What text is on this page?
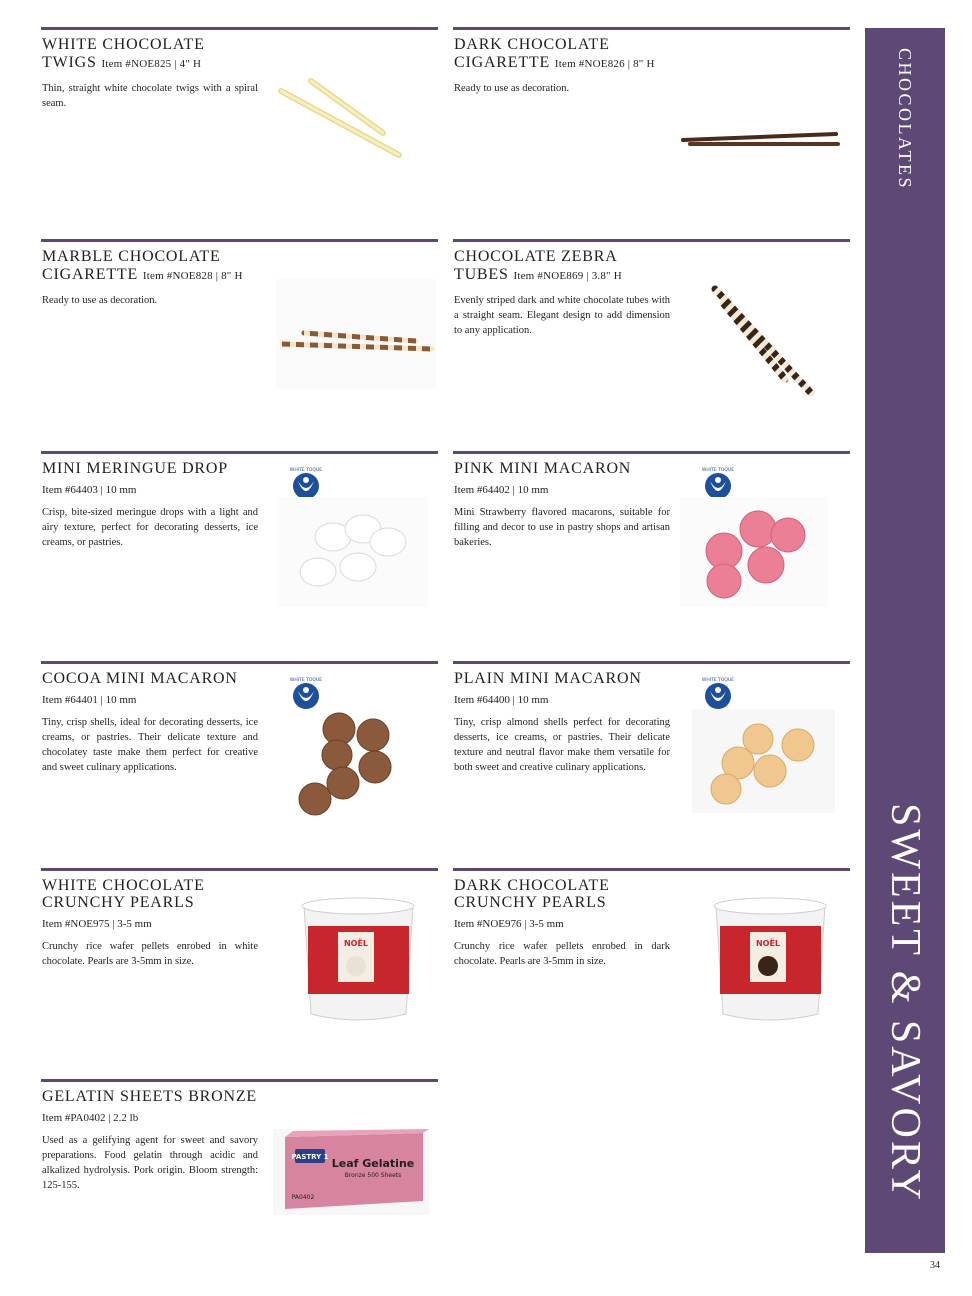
WHITE CHOCOLATE
TWIGS Item #NOE825 | 4" H
Thin, straight white chocolate twigs with a spiral seam.
DARK CHOCOLATE
CIGARETTE Item #NOE826 | 8" H
Ready to use as decoration.
MARBLE CHOCOLATE
CIGARETTE Item #NOE828 | 8" H
Ready to use as decoration.
CHOCOLATE ZEBRA
TUBES Item #NOE869 | 3.8" H
Evenly striped dark and white chocolate tubes with a straight seam. Elegant design to add dimension to any application.
MINI MERINGUE DROP
Item #64403 | 10 mm
Crisp, bite-sized meringue drops with a light and airy texture, perfect for decorating desserts, ice creams, or pastries.
WHITE TOQUE	PINK MINI MACARON
Item #64402 | 10 mm
Mini Strawberry flavored macarons, suitable for filling and decor to use in pastry shops and artisan bakeries.
WHITE TOQUE
COCOA MINI MACARON
Item #64401 | 10 mm
Tiny, crisp shells, ideal for decorating desserts, ice creams, or pastries. Their delicate texture and chocolatey taste make them perfect for creative and sweet culinary applications.
WHITE TOQUE	PLAIN MINI MACARON
Item #64400 | 10 mm
Tiny, crisp almond shells perfect for decorating desserts, ice creams, or pastries. Their delicate texture and neutral flavor make them versatile for both sweet and creative culinary applications.
WHITE TOQUE
WHITE CHOCOLATE
CRUNCHY PEARLS
Item #NOE975 | 3-5 mm
Crunchy rice wafer pellets enrobed in white chocolate. Pearls are 3-5mm in size.
NOËL
DARK CHOCOLATE
CRUNCHY PEARLS
Item #NOE976 | 3-5 mm
Crunchy rice wafer pellets enrobed in dark chocolate. Pearls are 3-5mm in size.
NOËL
GELATIN SHEETS BRONZE
Item #PA0402 | 2.2 lb
Used as a gelifying agent for sweet and savory preparations. Food gelatin through acidic and alkalized hydrolysis. Pork origin. Bloom strength: 125-155.
PASTRY 1 Leaf Gelatine
Bronze 500 Sheets
PA0402
CHOCOLATES
SWEET & SAVORY
34
